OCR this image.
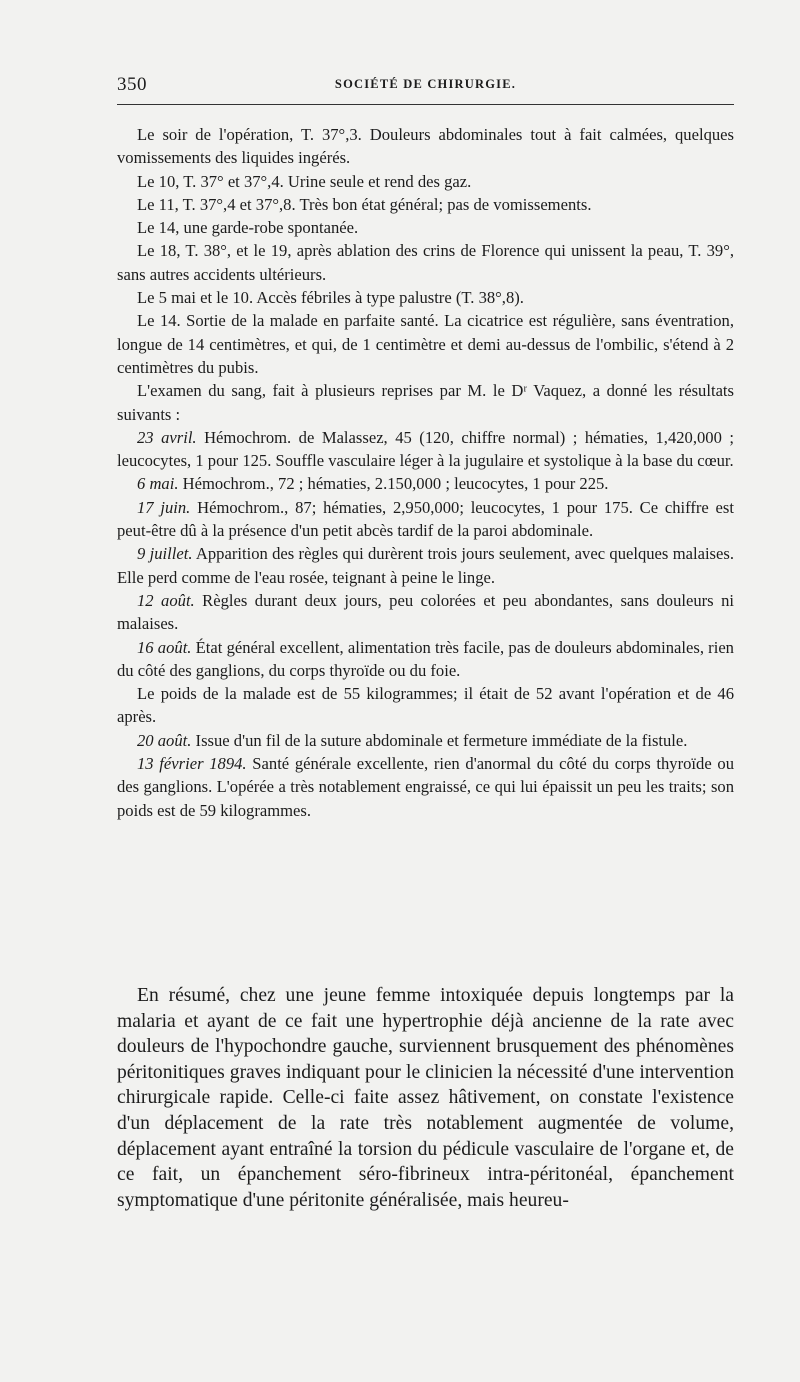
350	SOCIÉTÉ DE CHIRURGIE.

Le soir de l'opération, T. 37°,3. Douleurs abdominales tout à fait calmées, quelques vomissements des liquides ingérés.

Le 10, T. 37° et 37°,4. Urine seule et rend des gaz.

Le 11, T. 37°,4 et 37°,8. Très bon état général; pas de vomissements.

Le 14, une garde-robe spontanée.

Le 18, T. 38°, et le 19, après ablation des crins de Florence qui unissent la peau, T. 39°, sans autres accidents ultérieurs.

Le 5 mai et le 10. Accès fébriles à type palustre (T. 38°,8).

Le 14. Sortie de la malade en parfaite santé. La cicatrice est régulière, sans éventration, longue de 14 centimètres, et qui, de 1 centimètre et demi au-dessus de l'ombilic, s'étend à 2 centimètres du pubis.

L'examen du sang, fait à plusieurs reprises par M. le Dʳ Vaquez, a donné les résultats suivants :

23 avril. Hémochrom. de Malassez, 45 (120, chiffre normal) ; hématies, 1,420,000 ; leucocytes, 1 pour 125. Souffle vasculaire léger à la jugulaire et systolique à la base du cœur.

6 mai. Hémochrom., 72 ; hématies, 2.150,000 ; leucocytes, 1 pour 225.

17 juin. Hémochrom., 87; hématies, 2,950,000; leucocytes, 1 pour 175. Ce chiffre est peut-être dû à la présence d'un petit abcès tardif de la paroi abdominale.

9 juillet. Apparition des règles qui durèrent trois jours seulement, avec quelques malaises. Elle perd comme de l'eau rosée, teignant à peine le linge.

12 août. Règles durant deux jours, peu colorées et peu abondantes, sans douleurs ni malaises.

16 août. État général excellent, alimentation très facile, pas de douleurs abdominales, rien du côté des ganglions, du corps thyroïde ou du foie.

Le poids de la malade est de 55 kilogrammes; il était de 52 avant l'opération et de 46 après.

20 août. Issue d'un fil de la suture abdominale et fermeture immédiate de la fistule.

13 février 1894. Santé générale excellente, rien d'anormal du côté du corps thyroïde ou des ganglions. L'opérée a très notablement engraissé, ce qui lui épaissit un peu les traits; son poids est de 59 kilogrammes.

En résumé, chez une jeune femme intoxiquée depuis longtemps par la malaria et ayant de ce fait une hypertrophie déjà ancienne de la rate avec douleurs de l'hypochondre gauche, surviennent brusquement des phénomènes péritonitiques graves indiquant pour le clinicien la nécessité d'une intervention chirurgicale rapide. Celle-ci faite assez hâtivement, on constate l'existence d'un déplacement de la rate très notablement augmentée de volume, déplacement ayant entraîné la torsion du pédicule vasculaire de l'organe et, de ce fait, un épanchement séro-fibrineux intra-péritonéal, épanchement symptomatique d'une péritonite généralisée, mais heureu-
